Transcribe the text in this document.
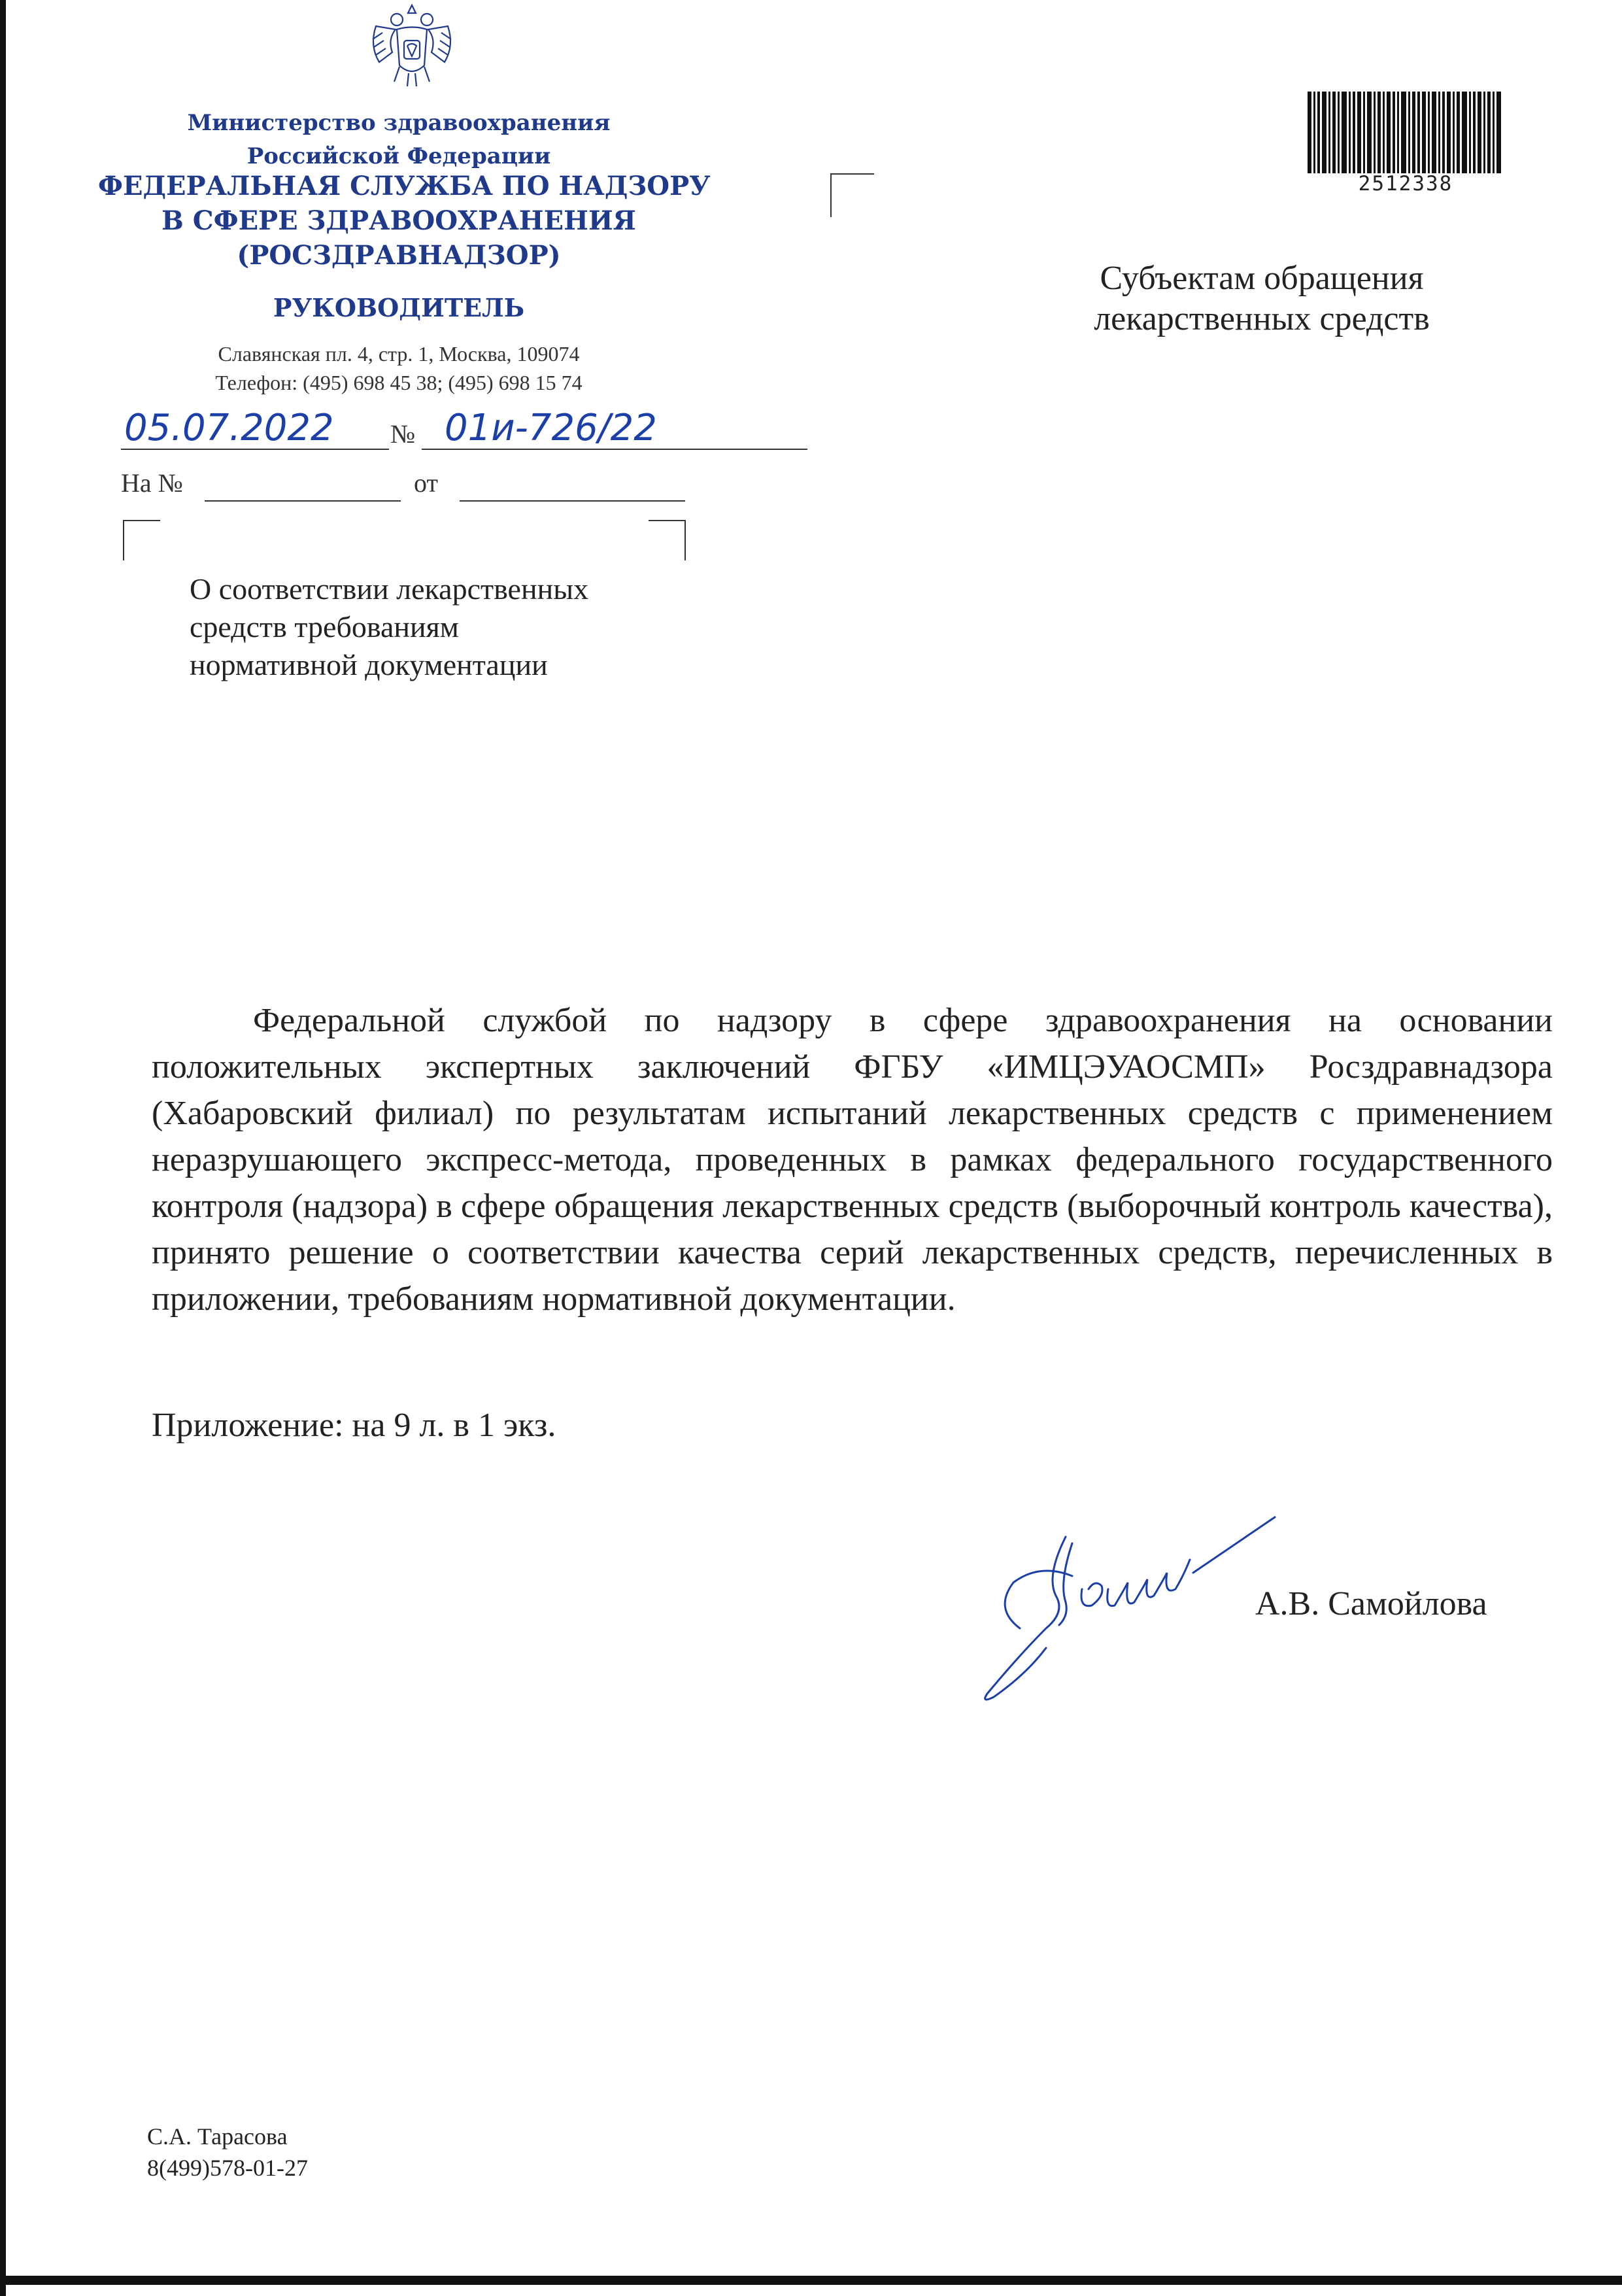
Министерство здравоохранения
Российской Федерации
ФЕДЕРАЛЬНАЯ СЛУЖБА ПО НАДЗОРУ
В СФЕРЕ ЗДРАВООХРАНЕНИЯ
(РОСЗДРАВНАДЗОР)
РУКОВОДИТЕЛЬ
Славянская пл. 4, стр. 1, Москва, 109074
Телефон: (495) 698 45 38; (495) 698 15 74
05.07.2022 № 01и-726/22
На №	от
2512338
Субъектам обращения
лекарственных средств
О соответствии лекарственных
средств требованиям
нормативной документации
Федеральной службой по надзору в сфере здравоохранения на основании положительных экспертных заключений ФГБУ «ИМЦЭУАОСМП» Росздравнадзора (Хабаровский филиал) по результатам испытаний лекарственных средств с применением неразрушающего экспресс-метода, проведенных в рамках федерального государственного контроля (надзора) в сфере обращения лекарственных средств (выборочный контроль качества), принято решение о соответствии качества серий лекарственных средств, перечисленных в приложении, требованиям нормативной документации.
Приложение: на 9 л. в 1 экз.
А.В. Самойлова
С.А. Тарасова
8(499)578-01-27
